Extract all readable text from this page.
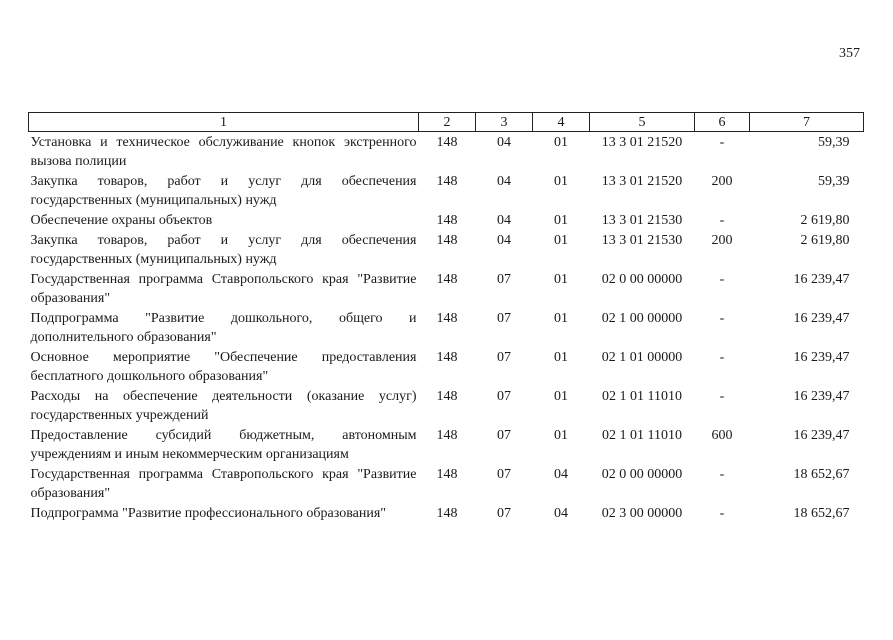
357
1	2	3	4	5	6	7
Установка и техническое обслуживание кнопок экстренного вызова полиции	148	04	01	13 3 01 21520	-	59,39
Закупка товаров, работ и услуг для обеспечения государственных (муниципальных) нужд	148	04	01	13 3 01 21520	200	59,39
Обеспечение охраны объектов	148	04	01	13 3 01 21530	-	2 619,80
Закупка товаров, работ и услуг для обеспечения государственных (муниципальных) нужд	148	04	01	13 3 01 21530	200	2 619,80
Государственная программа Ставропольского края "Развитие образования"	148	07	01	02 0 00 00000	-	16 239,47
Подпрограмма "Развитие дошкольного, общего и дополнительного образования"	148	07	01	02 1 00 00000	-	16 239,47
Основное мероприятие "Обеспечение предоставления бесплатного дошкольного образования"	148	07	01	02 1 01 00000	-	16 239,47
Расходы на обеспечение деятельности (оказание услуг) государственных учреждений	148	07	01	02 1 01 11010	-	16 239,47
Предоставление субсидий бюджетным, автономным учреждениям и иным некоммерческим организациям	148	07	01	02 1 01 11010	600	16 239,47
Государственная программа Ставропольского края "Развитие образования"	148	07	04	02 0 00 00000	-	18 652,67
Подпрограмма "Развитие профессионального образования"	148	07	04	02 3 00 00000	-	18 652,67
